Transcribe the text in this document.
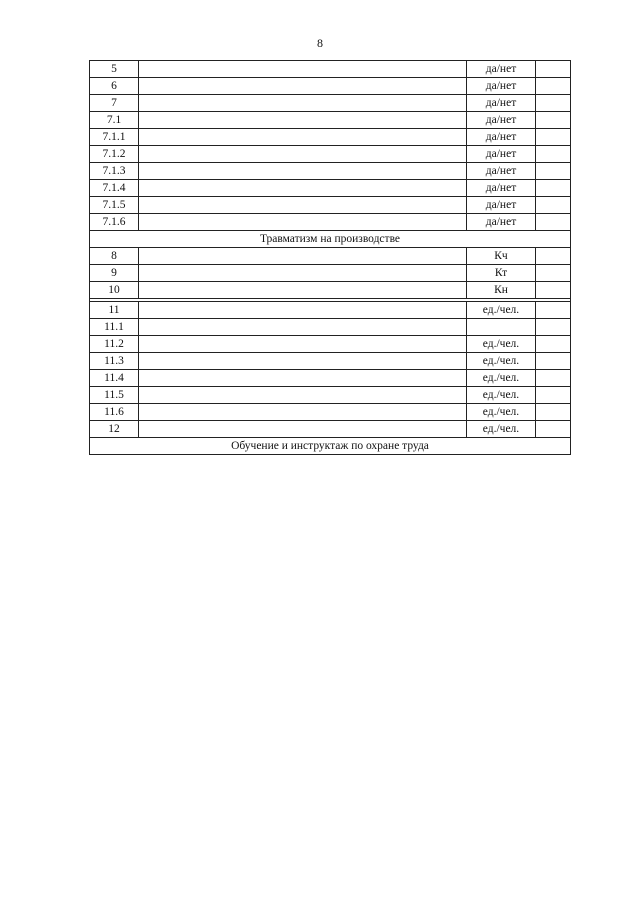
8
5		да/нет	
6		да/нет	
7		да/нет	
7.1		да/нет	
7.1.1		да/нет	
7.1.2		да/нет	
7.1.3		да/нет	
7.1.4		да/нет	
7.1.5		да/нет	
7.1.6		да/нет	
Травматизм на производстве			
8		Кч	
9		Кт	
10		Кн	

11		ед./чел.	
11.1			
11.2		ед./чел.	
11.3		ед./чел.	
11.4		ед./чел.	
11.5		ед./чел.	
11.6		ед./чел.	
12		ед./чел.	
Обучение и инструктаж по охране труда			
